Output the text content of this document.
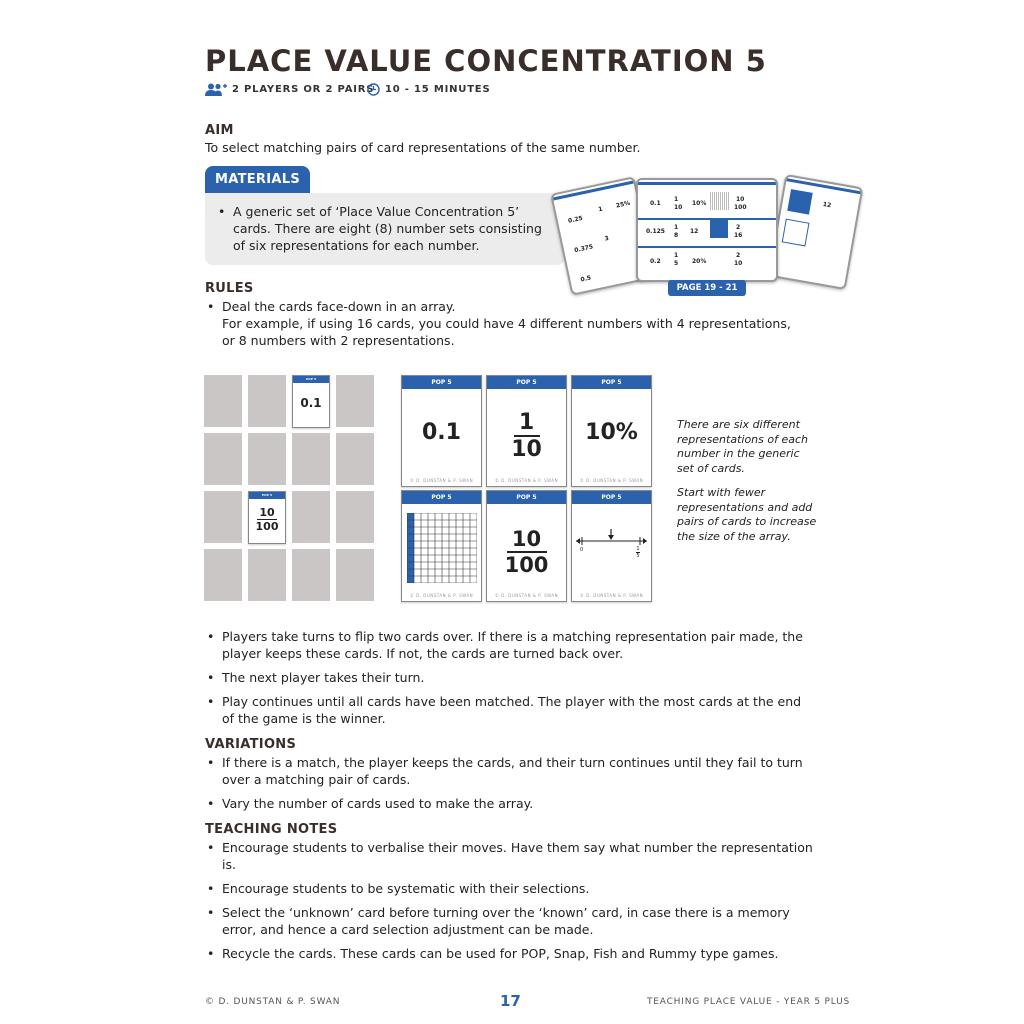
PLACE VALUE CONCENTRATION 5
2 PLAYERS OR 2 PAIRS 10 - 15 MINUTES
AIM
To select matching pairs of card representations of the same number.
MATERIALS
• A generic set of ‘Place Value Concentration 5’ cards. There are eight (8) number sets consisting of six representations for each number.
0.25
1 25%
0.375
3
0.5
12
0.1
1
10
10%
10
100
0.125
1
8
12
2
16
0.2
1
5 20%
2
10
PAGE 19 - 21
RULES
• Deal the cards face-down in an array.
For example, if using 16 cards, you could have 4 different numbers with 4 representations, or 8 numbers with 2 representations.
POP 5
0.1
POP 5
10
100
POP 5
0.1
© D. DUNSTAN & P. SWAN
POP 5
1
10
© D. DUNSTAN & P. SWAN
POP 5
10%
© D. DUNSTAN & P. SWAN
POP 5
© D. DUNSTAN & P. SWAN
POP 5
10
100
© D. DUNSTAN & P. SWAN
POP 5
0	1
5
© D. DUNSTAN & P. SWAN
There are six different representations of each number in the generic set of cards.
Start with fewer representations and add pairs of cards to increase the size of the array.
• Players take turns to flip two cards over. If there is a matching representation pair made, the player keeps these cards. If not, the cards are turned back over.
• The next player takes their turn.
• Play continues until all cards have been matched. The player with the most cards at the end of the game is the winner.
VARIATIONS
• If there is a match, the player keeps the cards, and their turn continues until they fail to turn over a matching pair of cards.
• Vary the number of cards used to make the array.
TEACHING NOTES
• Encourage students to verbalise their moves. Have them say what number the representation is.
• Encourage students to be systematic with their selections.
• Select the ‘unknown’ card before turning over the ‘known’ card, in case there is a memory error, and hence a card selection adjustment can be made.
• Recycle the cards. These cards can be used for POP, Snap, Fish and Rummy type games.
© D. DUNSTAN & P. SWAN	17	TEACHING PLACE VALUE - YEAR 5 PLUS
